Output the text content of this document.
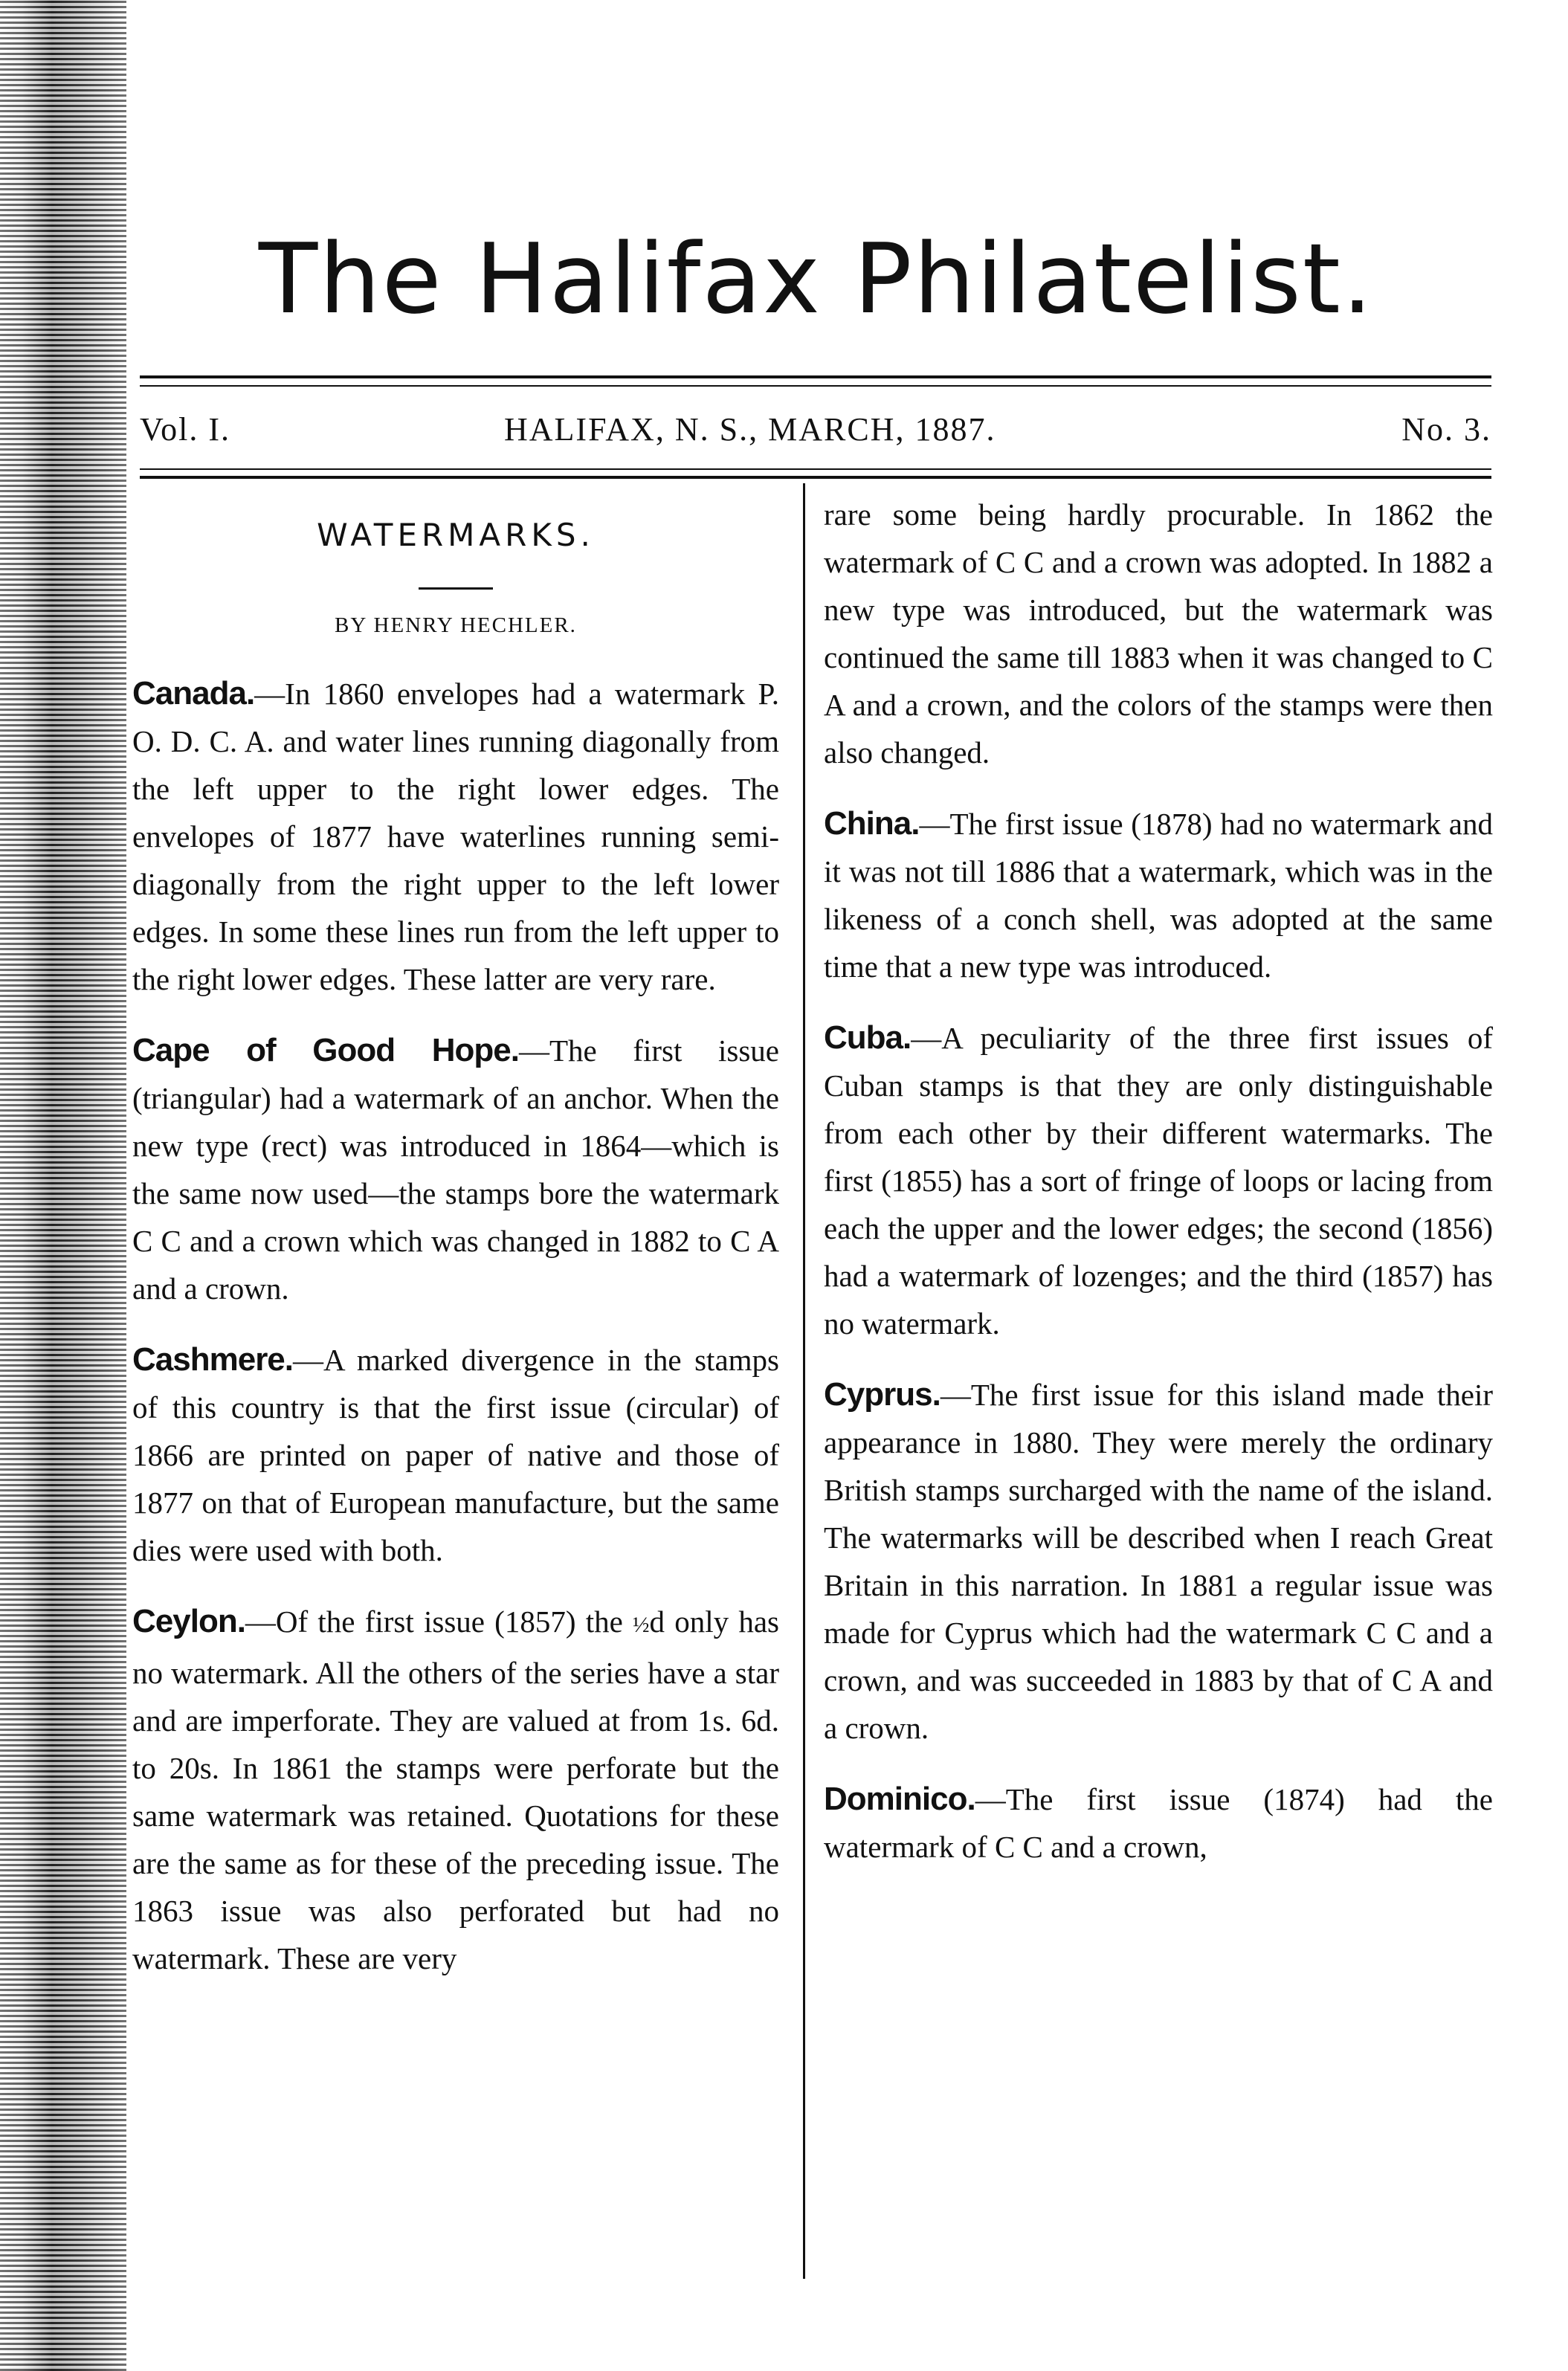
The Halifax Philatelist.
Vol. I.	HALIFAX, N. S., MARCH, 1887.	No. 3.
WATERMARKS.
BY HENRY HECHLER.

Canada.—In 1860 envelopes had a watermark P. O. D. C. A. and water lines running diagonally from the left upper to the right lower edges. The envelopes of 1877 have waterlines running semi-diagonally from the right upper to the left lower edges. In some these lines run from the left upper to the right lower edges. These latter are very rare.

Cape of Good Hope.—The first issue (triangular) had a watermark of an anchor. When the new type (rect) was introduced in 1864—which is the same now used—the stamps bore the watermark C C and a crown which was changed in 1882 to C A and a crown.

Cashmere.—A marked divergence in the stamps of this country is that the first issue (circular) of 1866 are printed on paper of native and those of 1877 on that of European manufacture, but the same dies were used with both.

Ceylon.—Of the first issue (1857) the ½d only has no watermark. All the others of the series have a star and are imperforate. They are valued at from 1s. 6d. to 20s. In 1861 the stamps were perforate but the same watermark was retained. Quotations for these are the same as for these of the preceding issue. The 1863 issue was also perforated but had no watermark. These are very

rare some being hardly procurable. In 1862 the watermark of C C and a crown was adopted. In 1882 a new type was introduced, but the watermark was continued the same till 1883 when it was changed to C A and a crown, and the colors of the stamps were then also changed.

China.—The first issue (1878) had no watermark and it was not till 1886 that a watermark, which was in the likeness of a conch shell, was adopted at the same time that a new type was introduced.

Cuba.—A peculiarity of the three first issues of Cuban stamps is that they are only distinguishable from each other by their different watermarks. The first (1855) has a sort of fringe of loops or lacing from each the upper and the lower edges; the second (1856) had a watermark of lozenges; and the third (1857) has no watermark.

Cyprus.—The first issue for this island made their appearance in 1880. They were merely the ordinary British stamps surcharged with the name of the island. The watermarks will be described when I reach Great Britain in this narration. In 1881 a regular issue was made for Cyprus which had the watermark C C and a crown, and was succeeded in 1883 by that of C A and a crown.

Dominico.—The first issue (1874) had the watermark of C C and a crown,
